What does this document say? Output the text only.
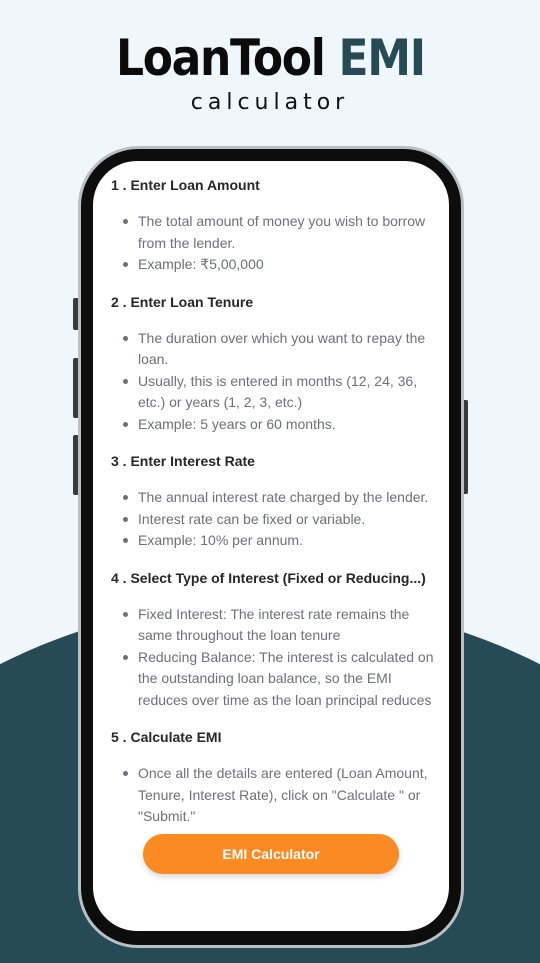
LoanTool EMI
calculator
1 . Enter Loan Amount
The total amount of money you wish to borrow from the lender.
Example: ₹5,00,000
2 . Enter Loan Tenure
The duration over which you want to repay the loan.
Usually, this is entered in months (12, 24, 36, etc.) or years (1, 2, 3, etc.)
Example: 5 years or 60 months.
3 . Enter Interest Rate
The annual interest rate charged by the lender.
Interest rate can be fixed or variable.
Example: 10% per annum.
4 . Select Type of Interest (Fixed or Reducing...)
Fixed Interest: The interest rate remains the same throughout the loan tenure
Reducing Balance: The interest is calculated on the outstanding loan balance, so the EMI reduces over time as the loan principal reduces
5 . Calculate EMI
Once all the details are entered (Loan Amount, Tenure, Interest Rate), click on "Calculate " or "Submit."
EMI Calculator
